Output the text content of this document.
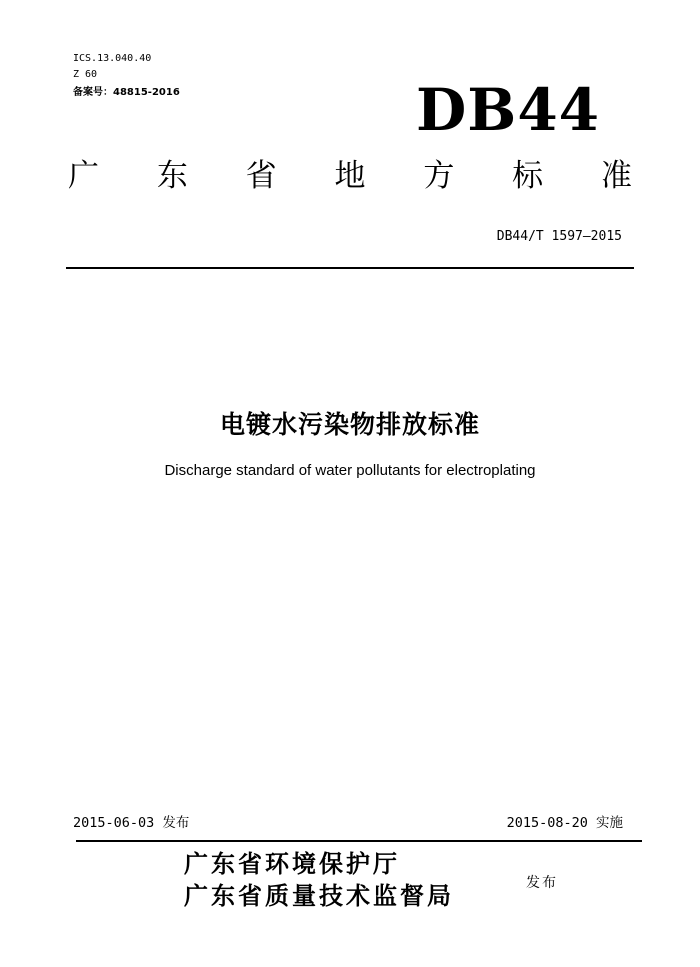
ICS.13.040.40
Z 60
备案号：48815-2016	DB44
广 东 省 地 方 标 准
DB44/T 1597—2015
电镀水污染物排放标准
Discharge standard of water pollutants for electroplating
2015-06-03 发布	2015-08-20 实施
广东省环境保护厅
广东省质量技术监督局	发布
